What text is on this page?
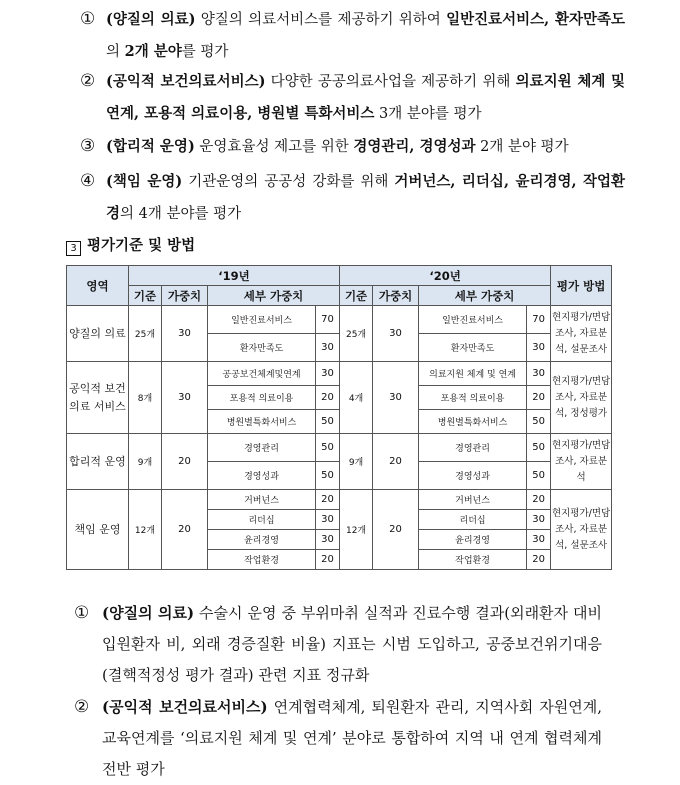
① (양질의 의료) 양질의 의료서비스를 제공하기 위하여 일반진료서비스, 환자만족도의 2개 분야를 평가
② (공익적 보건의료서비스) 다양한 공공의료사업을 제공하기 위해 의료지원 체계 및 연계, 포용적 의료이용, 병원별 특화서비스 3개 분야를 평가
③ (합리적 운영) 운영효율성 제고를 위한 경영관리, 경영성과 2개 분야 평가
④ (책임 운영) 기관운영의 공공성 강화를 위해 거버넌스, 리더십, 윤리경영, 작업환경의 4개 분야를 평가
3 평가기준 및 방법
영역	‘19년				‘20년				평가 방법
	기준	가중치	세부 가중치		기준	가중치	세부 가중치		
양질의 의료	25개	30	일반진료서비스	70	25개	30	일반진료서비스	70	현지평가/면담조사, 자료분석, 설문조사
			환자만족도	30			환자만족도	30	
공익적 보건의료 서비스	8개	30	공공보건체계및연계	30	4개	30	의료지원 체계 및 연계	30	현지평가/면담조사, 자료분석, 정성평가
			포용적 의료이용	20			포용적 의료이용	20	
			병원별특화서비스	50			병원별특화서비스	50	
합리적 운영	9개	20	경영관리	50	9개	20	경영관리	50	현지평가/면담조사, 자료분석
			경영성과	50			경영성과	50	
책임 운영	12개	20	거버넌스	20	12개	20	거버넌스	20	현지평가/면담조사, 자료분석, 설문조사
			리더십	30			리더십	30	
			윤리경영	30			윤리경영	30	
			작업환경	20			작업환경	20	
① (양질의 의료) 수술시 운영 중 부위마취 실적과 진료수행 결과(외래환자 대비 입원환자 비, 외래 경증질환 비율) 지표는 시범 도입하고, 공중보건위기대응(결핵적정성 평가 결과) 관련 지표 정규화
② (공익적 보건의료서비스) 연계협력체계, 퇴원환자 관리, 지역사회 자원연계, 교육연계를 ‘의료지원 체계 및 연계’ 분야로 통합하여 지역 내 연계 협력체계 전반 평가
